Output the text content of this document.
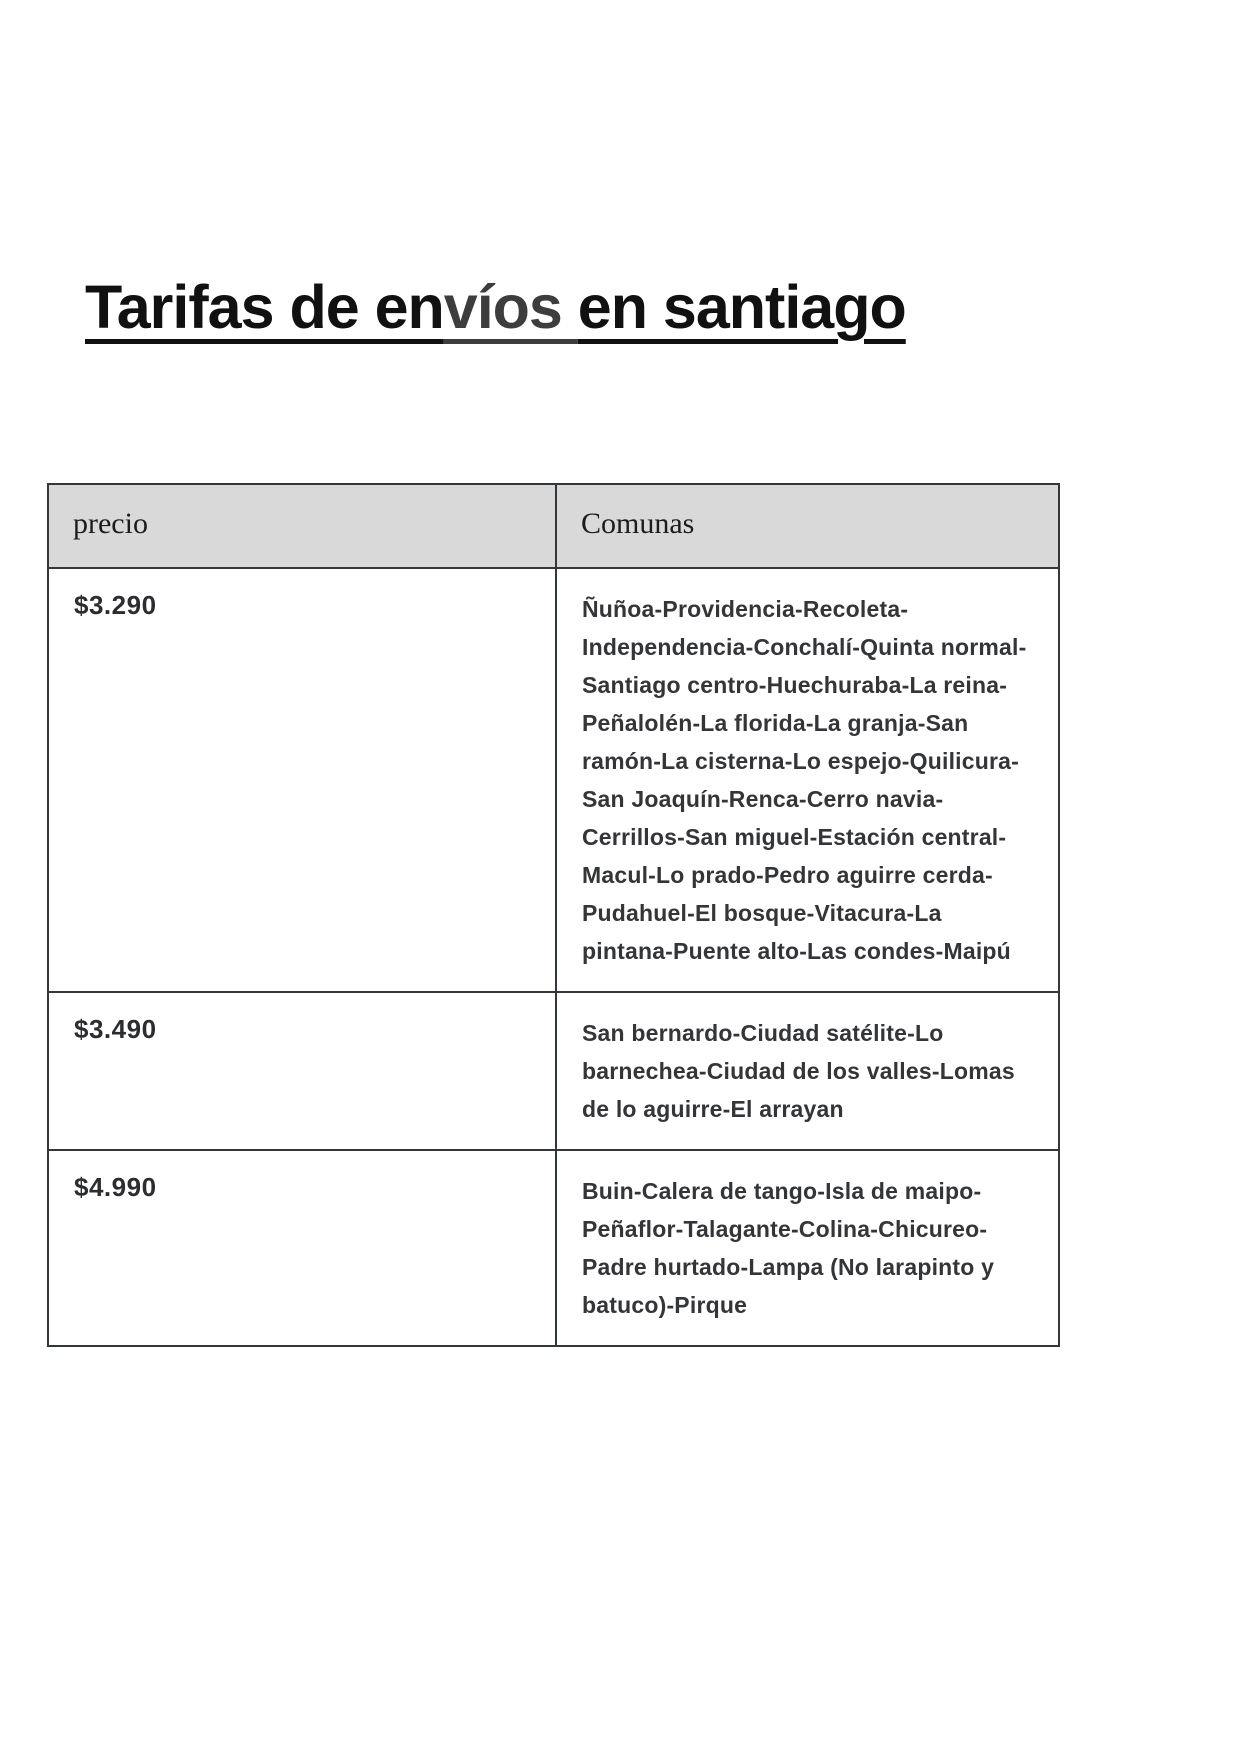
Tarifas de envíos en santiago
precio	Comunas
$3.290	Ñuñoa-Providencia-Recoleta-Independencia-Conchalí-Quinta normal-Santiago centro-Huechuraba-La reina-Peñalolén-La florida-La granja-San ramón-La cisterna-Lo espejo-Quilicura-San Joaquín-Renca-Cerro navia-Cerrillos-San miguel-Estación central-Macul-Lo prado-Pedro aguirre cerda-Pudahuel-El bosque-Vitacura-La pintana-Puente alto-Las condes-Maipú
$3.490	San bernardo-Ciudad satélite-Lo barnechea-Ciudad de los valles-Lomas de lo aguirre-El arrayan
$4.990	Buin-Calera de tango-Isla de maipo-Peñaflor-Talagante-Colina-Chicureo-Padre hurtado-Lampa (No larapinto y batuco)-Pirque
